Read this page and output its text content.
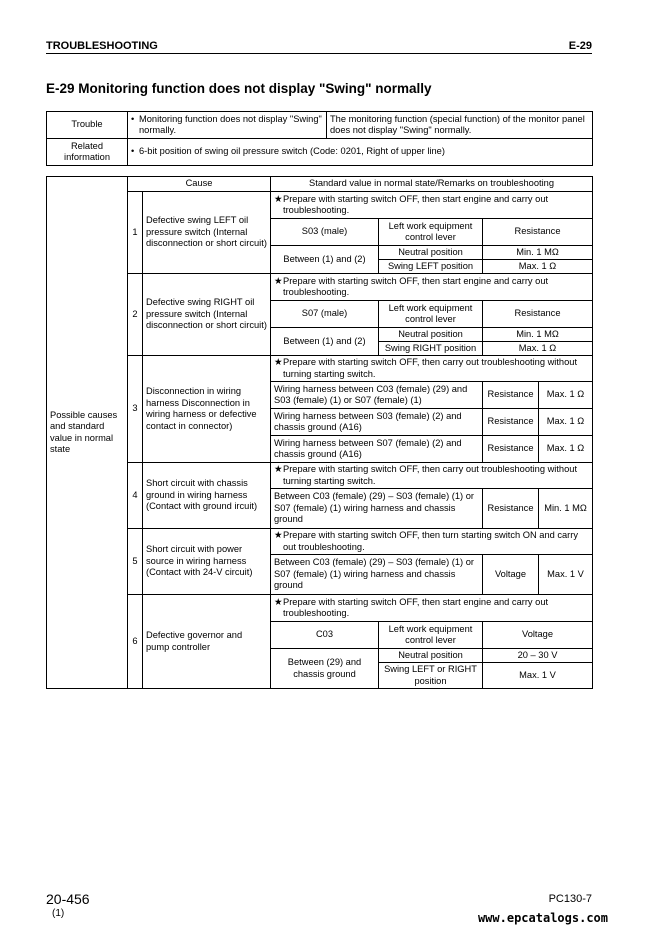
TROUBLESHOOTING	E-29
E-29 Monitoring function does not display "Swing" normally
Trouble	• Monitoring function does not display "Swing" normally.	The monitoring function (special function) of the monitor panel does not display "Swing" normally.
Related information	• 6-bit position of swing oil pressure switch (Code: 0201, Right of upper line)	
Possible causes and standard value in normal state	Cause		Standard value in normal state/Remarks on troubleshooting			
	1	Defective swing LEFT oil pressure switch (Internal disconnection or short circuit)	★ Prepare with starting switch OFF, then start engine and carry out troubleshooting.			

			S03 (male)	Left work equipment control lever	Resistance	
			Between (1) and (2)	Neutral position	Min. 1 MΩ	
				Swing LEFT position	Max. 1 Ω	
	2	Defective swing RIGHT oil pressure switch (Internal disconnection or short circuit)	★ Prepare with starting switch OFF, then start engine and carry out troubleshooting.			

			S07 (male)	Left work equipment control lever	Resistance	
			Between (1) and (2)	Neutral position	Min. 1 MΩ	
				Swing RIGHT position	Max. 1 Ω	
	3	Disconnection in wiring harness Disconnection in wiring harness or defective contact in connector)	★ Prepare with starting switch OFF, then carry out troubleshooting without turning starting switch.			

			Wiring harness between C03 (female) (29) and S03 (female) (1) or S07 (female) (1)		Resistance	Max. 1 Ω
			Wiring harness between S03 (female) (2) and chassis ground (A16)		Resistance	Max. 1 Ω
			Wiring harness between S07 (female) (2) and chassis ground (A16)		Resistance	Max. 1 Ω
	4	Short circuit with chassis ground in wiring harness (Contact with ground ircuit)	★ Prepare with starting switch OFF, then carry out troubleshooting without turning starting switch.			

			Between C03 (female) (29) – S03 (female) (1) or S07 (female) (1) wiring harness and chassis ground		Resistance	Min. 1 MΩ
	5	Short circuit with power source in wiring harness (Contact with 24-V circuit)	★ Prepare with starting switch OFF, then turn starting switch ON and carry out troubleshooting.			

			Between C03 (female) (29) – S03 (female) (1) or S07 (female) (1) wiring harness and chassis ground		Voltage	Max. 1 V
	6	Defective governor and pump controller	★ Prepare with starting switch OFF, then start engine and carry out troubleshooting.			

			C03	Left work equipment control lever	Voltage	
			Between (29) and chassis ground	Neutral position	20 – 30 V	
				Swing LEFT or RIGHT position	Max. 1 V	
20-456
(1)
PC130-7
www.epcatalogs.com
